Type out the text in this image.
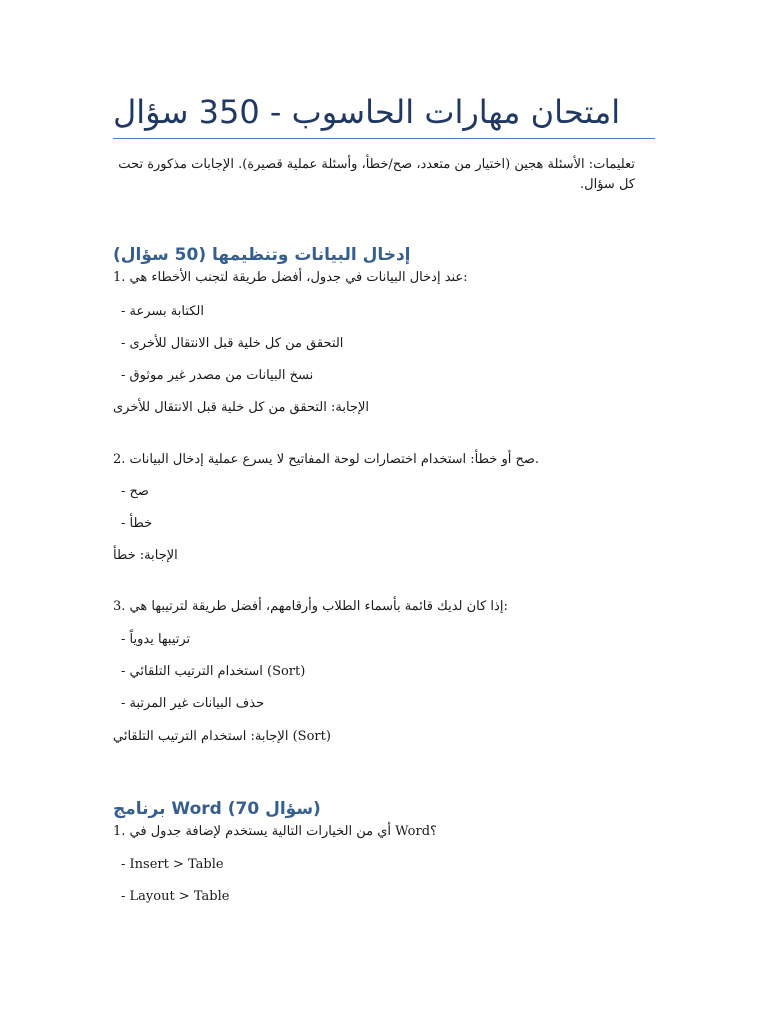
امتحان مهارات الحاسوب - 350 سؤال
تعليمات: الأسئلة هجين (اختيار من متعدد، صح/خطأ، وأسئلة عملية قصيرة). الإجابات مذكورة تحت كل سؤال.
إدخال البيانات وتنظيمها (50 سؤال)
1. عند إدخال البيانات في جدول، أفضل طريقة لتجنب الأخطاء هي:
- الكتابة بسرعة
- التحقق من كل خلية قبل الانتقال للأخرى
- نسخ البيانات من مصدر غير موثوق
الإجابة: التحقق من كل خلية قبل الانتقال للأخرى
2. صح أو خطأ: استخدام اختصارات لوحة المفاتيح لا يسرع عملية إدخال البيانات.
- صح
- خطأ
الإجابة: خطأ
3. إذا كان لديك قائمة بأسماء الطلاب وأرقامهم، أفضل طريقة لترتيبها هي:
- ترتيبها يدوياً
- استخدام الترتيب التلقائي (Sort)
- حذف البيانات غير المرتبة
الإجابة: استخدام الترتيب التلقائي (Sort)
برنامج Word (70 سؤال)
1. أي من الخيارات التالية يستخدم لإضافة جدول في Word؟
- Insert > Table
- Layout > Table
